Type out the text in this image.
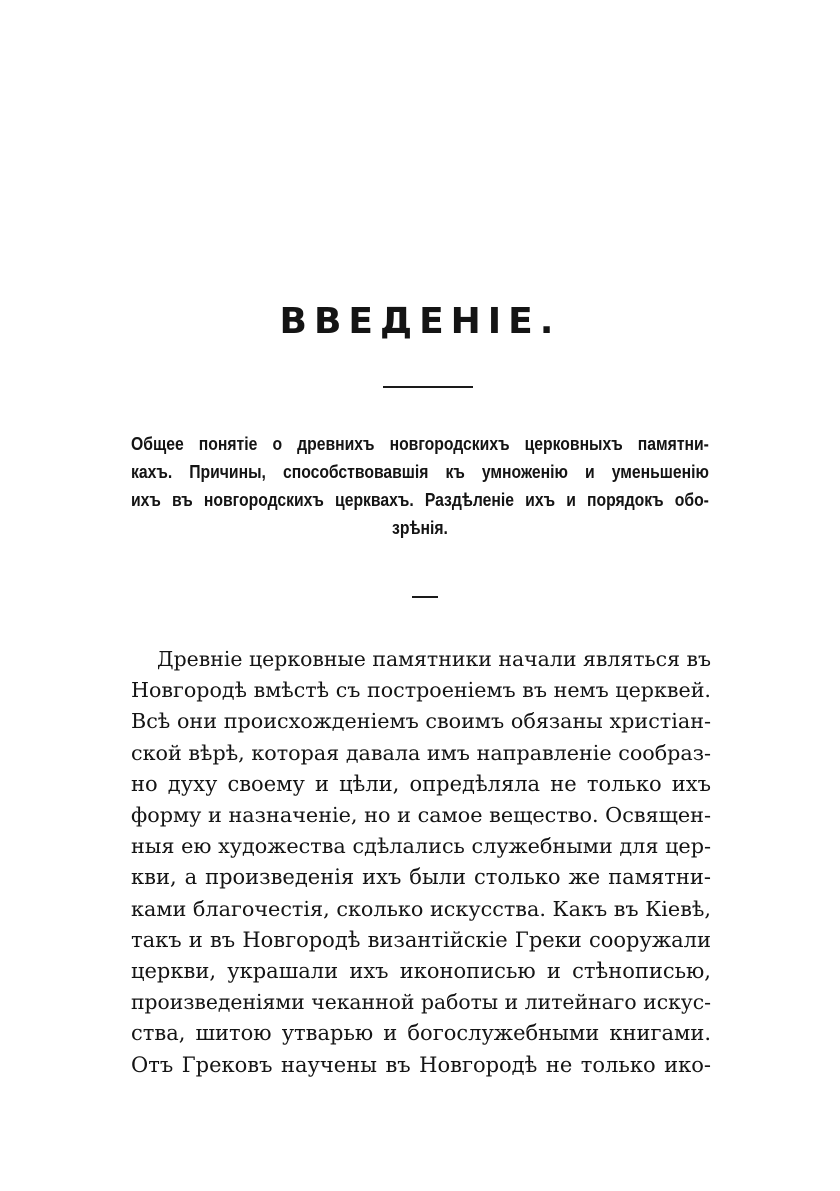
ВВЕДЕНІЕ.
Общее понятіе о древнихъ новгородскихъ церковныхъ памятни-
кахъ. Причины, способствовавшія къ умноженію и уменьшенію
ихъ въ новгородскихъ церквахъ. Раздѣленіе ихъ и порядокъ обо-
зрѣнія.
Древніе церковные памятники начали являться въ
Новгородѣ вмѣстѣ съ построеніемъ въ немъ церквей.
Всѣ они происхожденіемъ своимъ обязаны христіан-
ской вѣрѣ, которая давала имъ направленіе сообраз-
но духу своему и цѣли, опредѣляла не только ихъ
форму и назначеніе, но и самое вещество. Освящен-
ныя ею художества сдѣлались служебными для цер-
кви, а произведенія ихъ были столько же памятни-
ками благочестія, сколько искусства. Какъ въ Кіевѣ,
такъ и въ Новгородѣ византійскіе Греки сооружали
церкви, украшали ихъ иконописью и стѣнописью,
произведеніями чеканной работы и литейнаго искус-
ства, шитою утварью и богослужебными книгами.
Отъ Грековъ научены въ Новгородѣ не только ико-
